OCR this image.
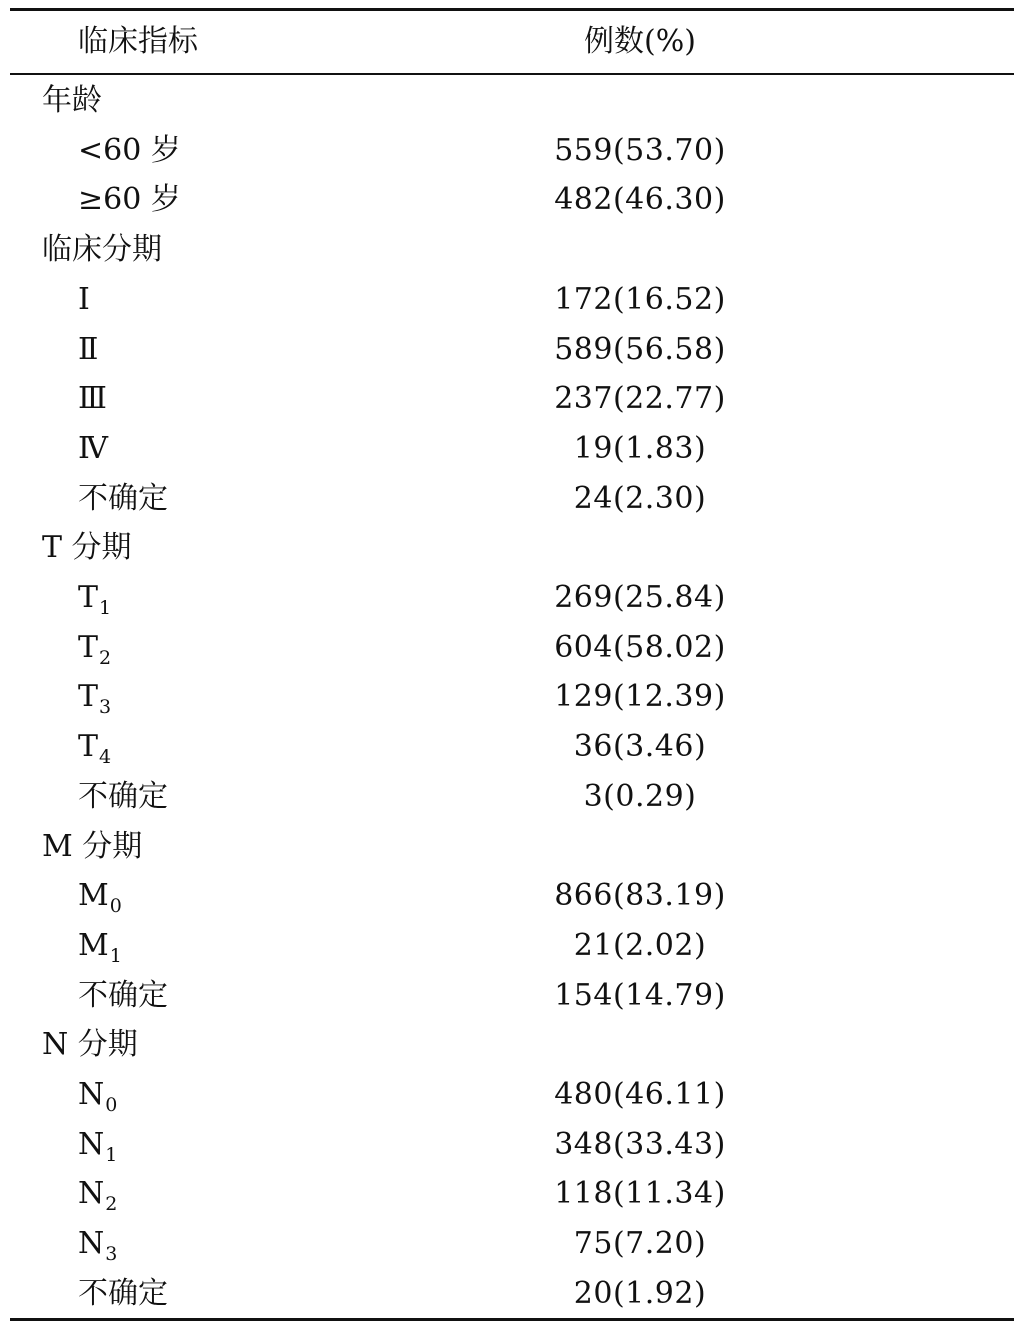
临床指标	例数(%)
年龄
<60 岁	559(53.70)
≥60 岁	482(46.30)
临床分期
Ⅰ	172(16.52)
Ⅱ	589(56.58)
Ⅲ	237(22.77)
Ⅳ	19(1.83)
不确定	24(2.30)
T 分期
$T_1$	269(25.84)
$T_2$	604(58.02)
$T_3$	129(12.39)
$T_4$	36(3.46)
不确定	3(0.29)
M 分期
$M_0$	866(83.19)
$M_1$	21(2.02)
不确定	154(14.79)
N 分期
$N_0$	480(46.11)
$N_1$	348(33.43)
$N_2$	118(11.34)
$N_3$	75(7.20)
不确定	20(1.92)
